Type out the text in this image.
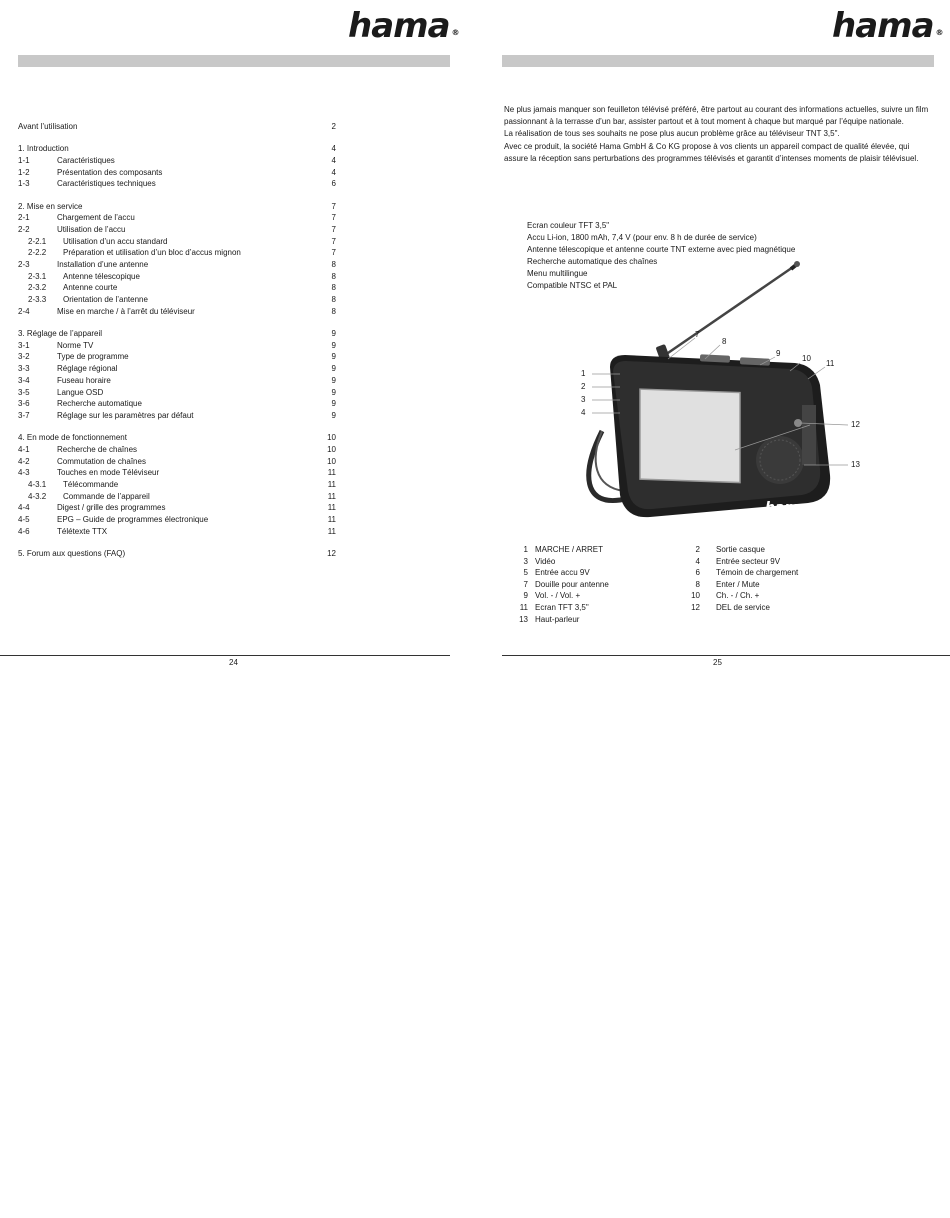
hama ®
Avant l’utilisation	2
1. Introduction	4
1-1	Caractéristiques	4
1-2	Présentation des composants	4
1-3	Caractéristiques techniques	6
2. Mise en service	7
2-1	Chargement de l’accu	7
2-2	Utilisation de l’accu	7
2-2.1 Utilisation d’un accu standard	7
2-2.2 Préparation et utilisation d’un bloc d’accus mignon	7
2-3	Installation d’une antenne	8
2-3.1 Antenne télescopique	8
2-3.2 Antenne courte	8
2-3.3 Orientation de l’antenne	8
2-4	Mise en marche / à l’arrêt du téléviseur	8
3. Réglage de l’appareil	9
3-1	Norme TV	9
3-2	Type de programme	9
3-3	Réglage régional	9
3-4	Fuseau horaire	9
3-5	Langue OSD	9
3-6	Recherche automatique	9
3-7	Réglage sur les paramètres par défaut	9
4. En mode de fonctionnement	10
4-1	Recherche de chaînes	10
4-2	Commutation de chaînes	10
4-3	Touches en mode Téléviseur	11
4-3.1 Télécommande	11
4-3.2 Commande de l’appareil	11
4-4	Digest / grille des programmes	11
4-5	EPG – Guide de programmes électronique	11
4-6	Télétexte TTX	11
5. Forum aux questions (FAQ)	12
24
hama ®

Ne plus jamais manquer son feuilleton télévisé préféré, être partout au courant des informations actuelles, suivre un film passionnant à la terrasse d’un bar, assister partout et à tout moment à chaque but marqué par l’équipe nationale.

La réalisation de tous ses souhaits ne pose plus aucun problème grâce au téléviseur TNT 3,5".

Avec ce produit, la société Hama GmbH & Co KG propose à vos clients un appareil compact de qualité élevée, qui assure la réception sans perturbations des programmes télévisés et garantit d’intenses moments de plaisir télévisuel.

Ecran couleur TFT 3,5"
Accu Li-ion, 1800 mAh, 7,4 V (pour env. 8 h de durée de service)
Antenne télescopique et antenne courte TNT externe avec pied magnétique
Recherche automatique des chaînes
Menu multilingue
Compatible NTSC et PAL
hama
1
2
3
4
7
8
9
10
11
12
13
1 MARCHE / ARRET	2 Sortie casque
3 Vidéo	4 Entrée secteur 9V
5 Entrée accu 9V	6 Témoin de chargement
7 Douille pour antenne	8 Enter / Mute
9 Vol. - / Vol. +	10 Ch. - / Ch. +
11 Ecran TFT 3,5"	12 DEL de service
13 Haut-parleur
25
